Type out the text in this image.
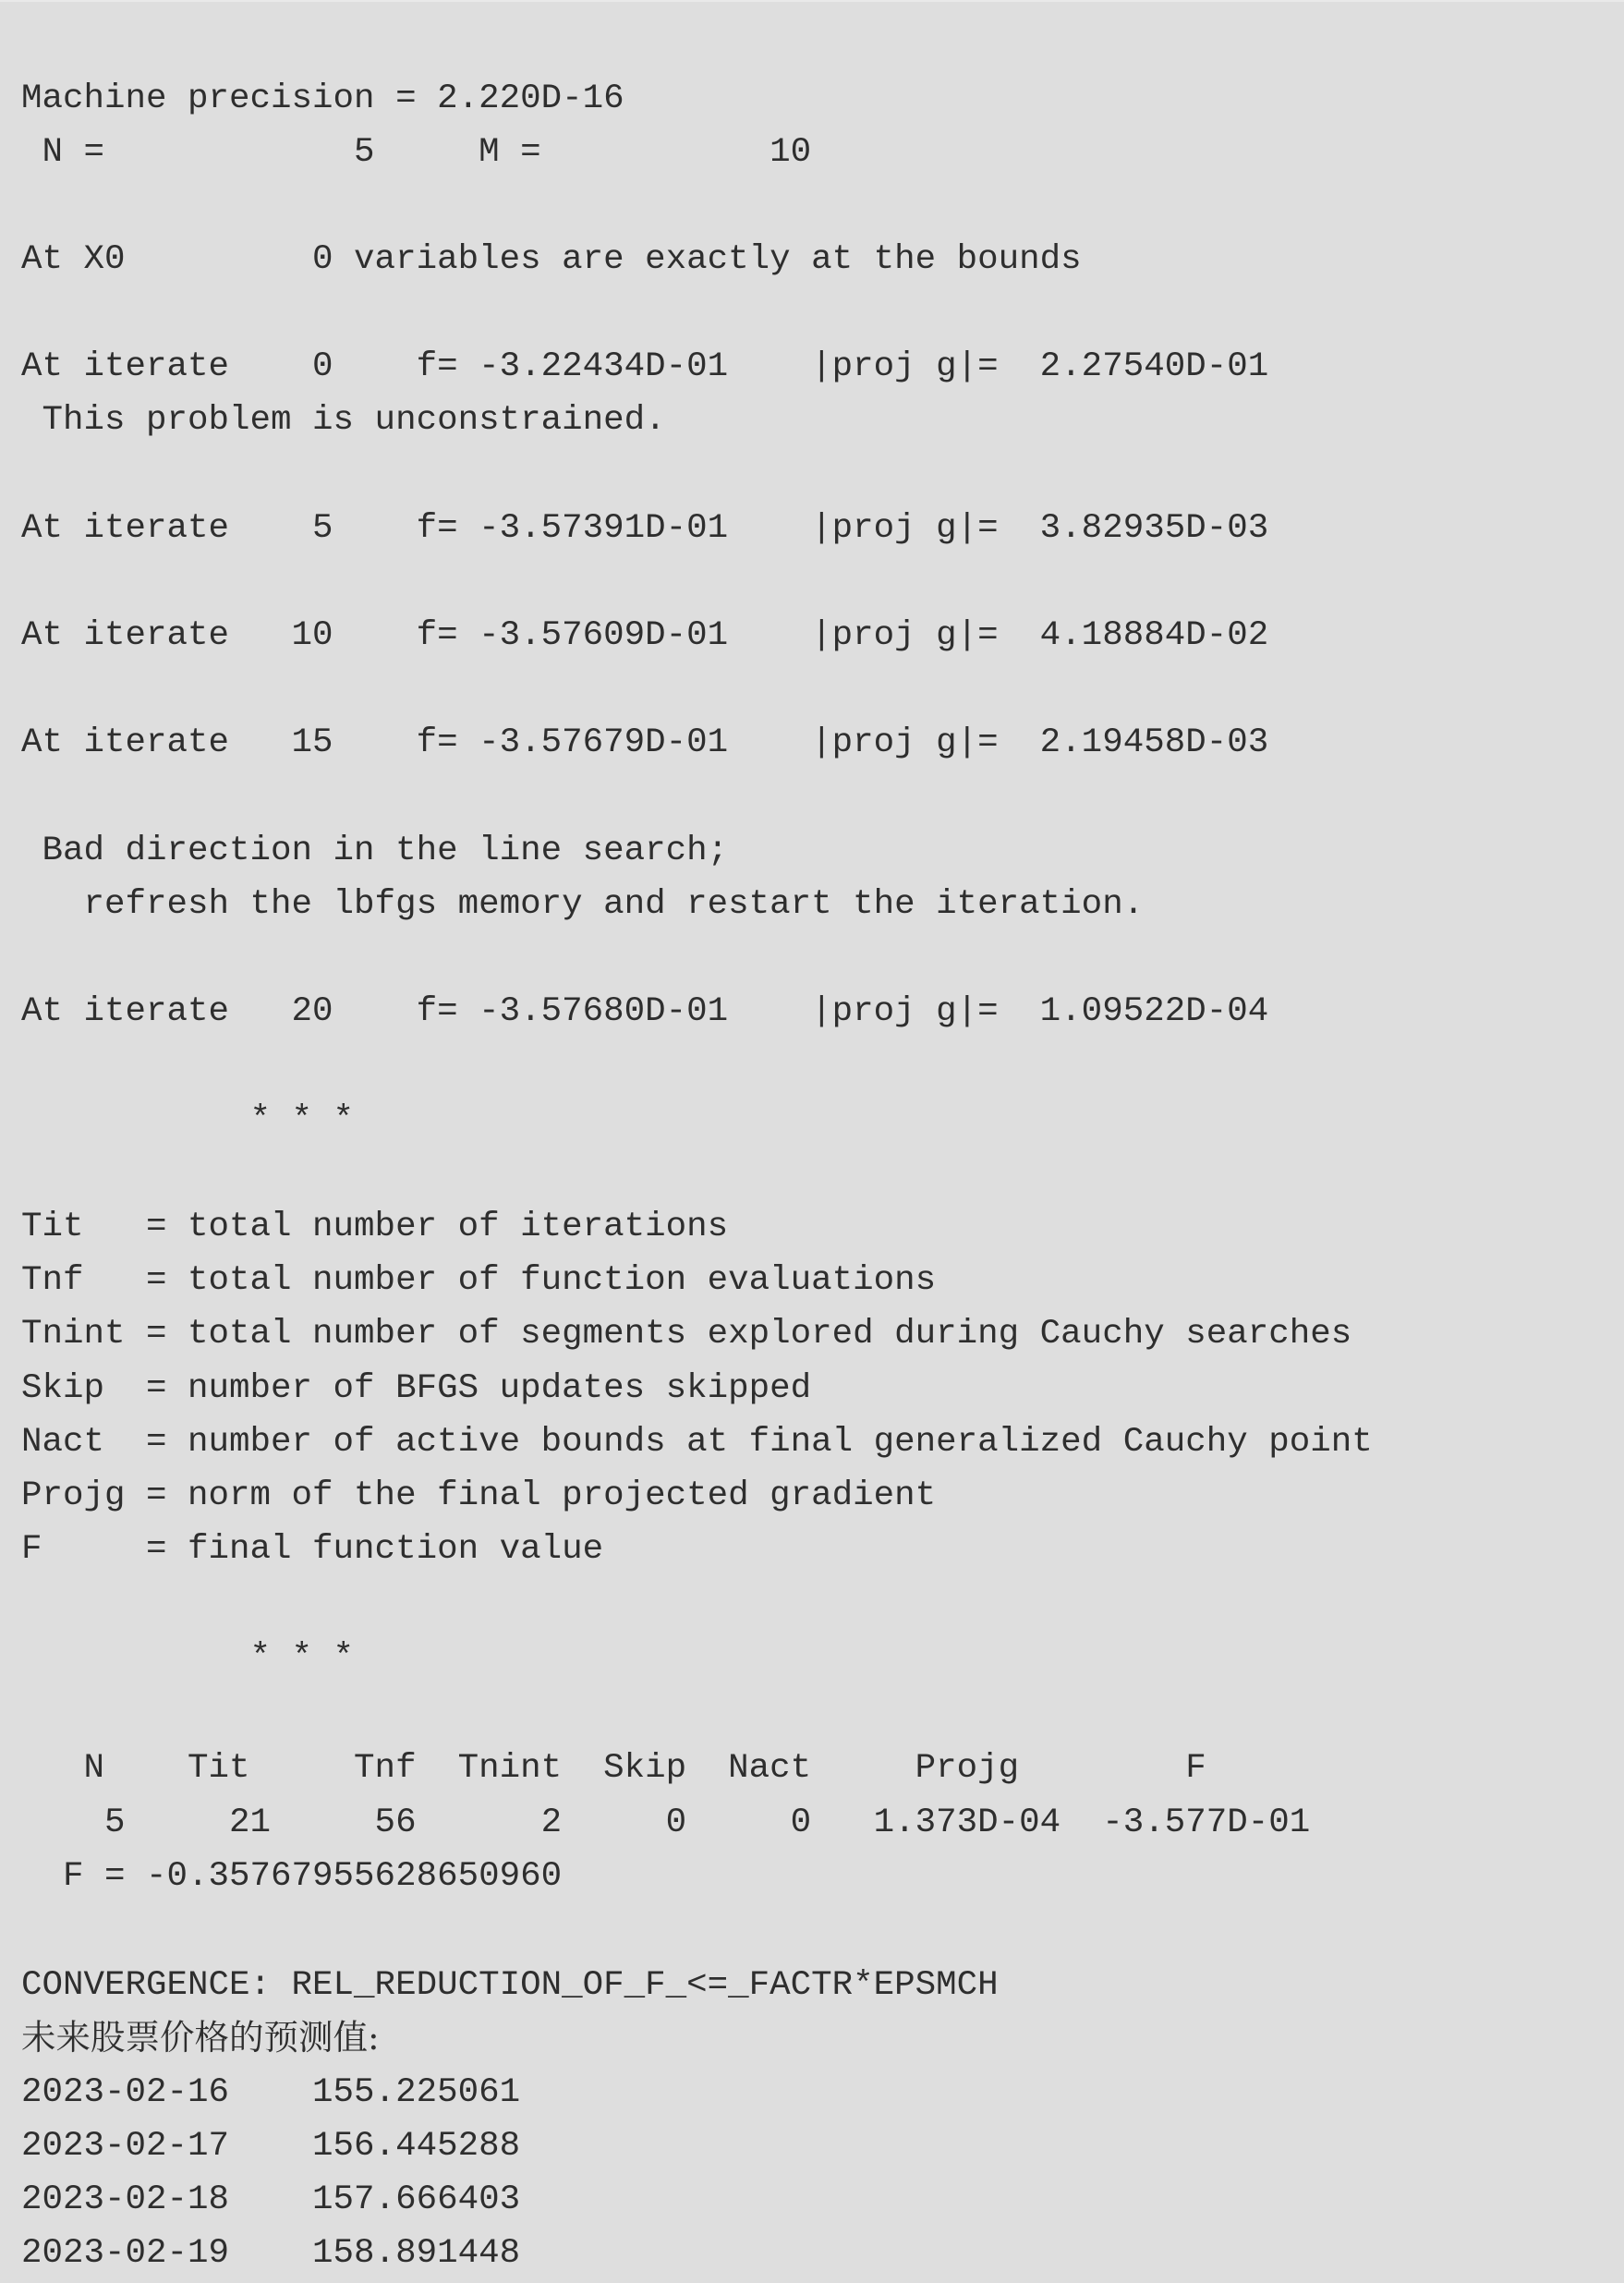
Machine precision = 2.220D-16
N =            5     M =           10
At X0         0 variables are exactly at the bounds
At iterate    0    f= -3.22434D-01    |proj g|=  2.27540D-01
This problem is unconstrained.
At iterate    5    f= -3.57391D-01    |proj g|=  3.82935D-03
At iterate   10    f= -3.57609D-01    |proj g|=  4.18884D-02
At iterate   15    f= -3.57679D-01    |proj g|=  2.19458D-03
Bad direction in the line search;
refresh the lbfgs memory and restart the iteration.
At iterate   20    f= -3.57680D-01    |proj g|=  1.09522D-04
* * *
Tit   = total number of iterations
Tnf   = total number of function evaluations
Tnint = total number of segments explored during Cauchy searches
Skip  = number of BFGS updates skipped
Nact  = number of active bounds at final generalized Cauchy point
Projg = norm of the final projected gradient
F     = final function value
* * *
N    Tit     Tnf  Tnint  Skip  Nact     Projg        F
5     21     56      2     0     0   1.373D-04  -3.577D-01
F = -0.35767955628650960
CONVERGENCE: REL_REDUCTION_OF_F_<=_FACTR*EPSMCH
未来股票价格的预测值:
2023-02-16    155.225061
2023-02-17    156.445288
2023-02-18    157.666403
2023-02-19    158.891448
